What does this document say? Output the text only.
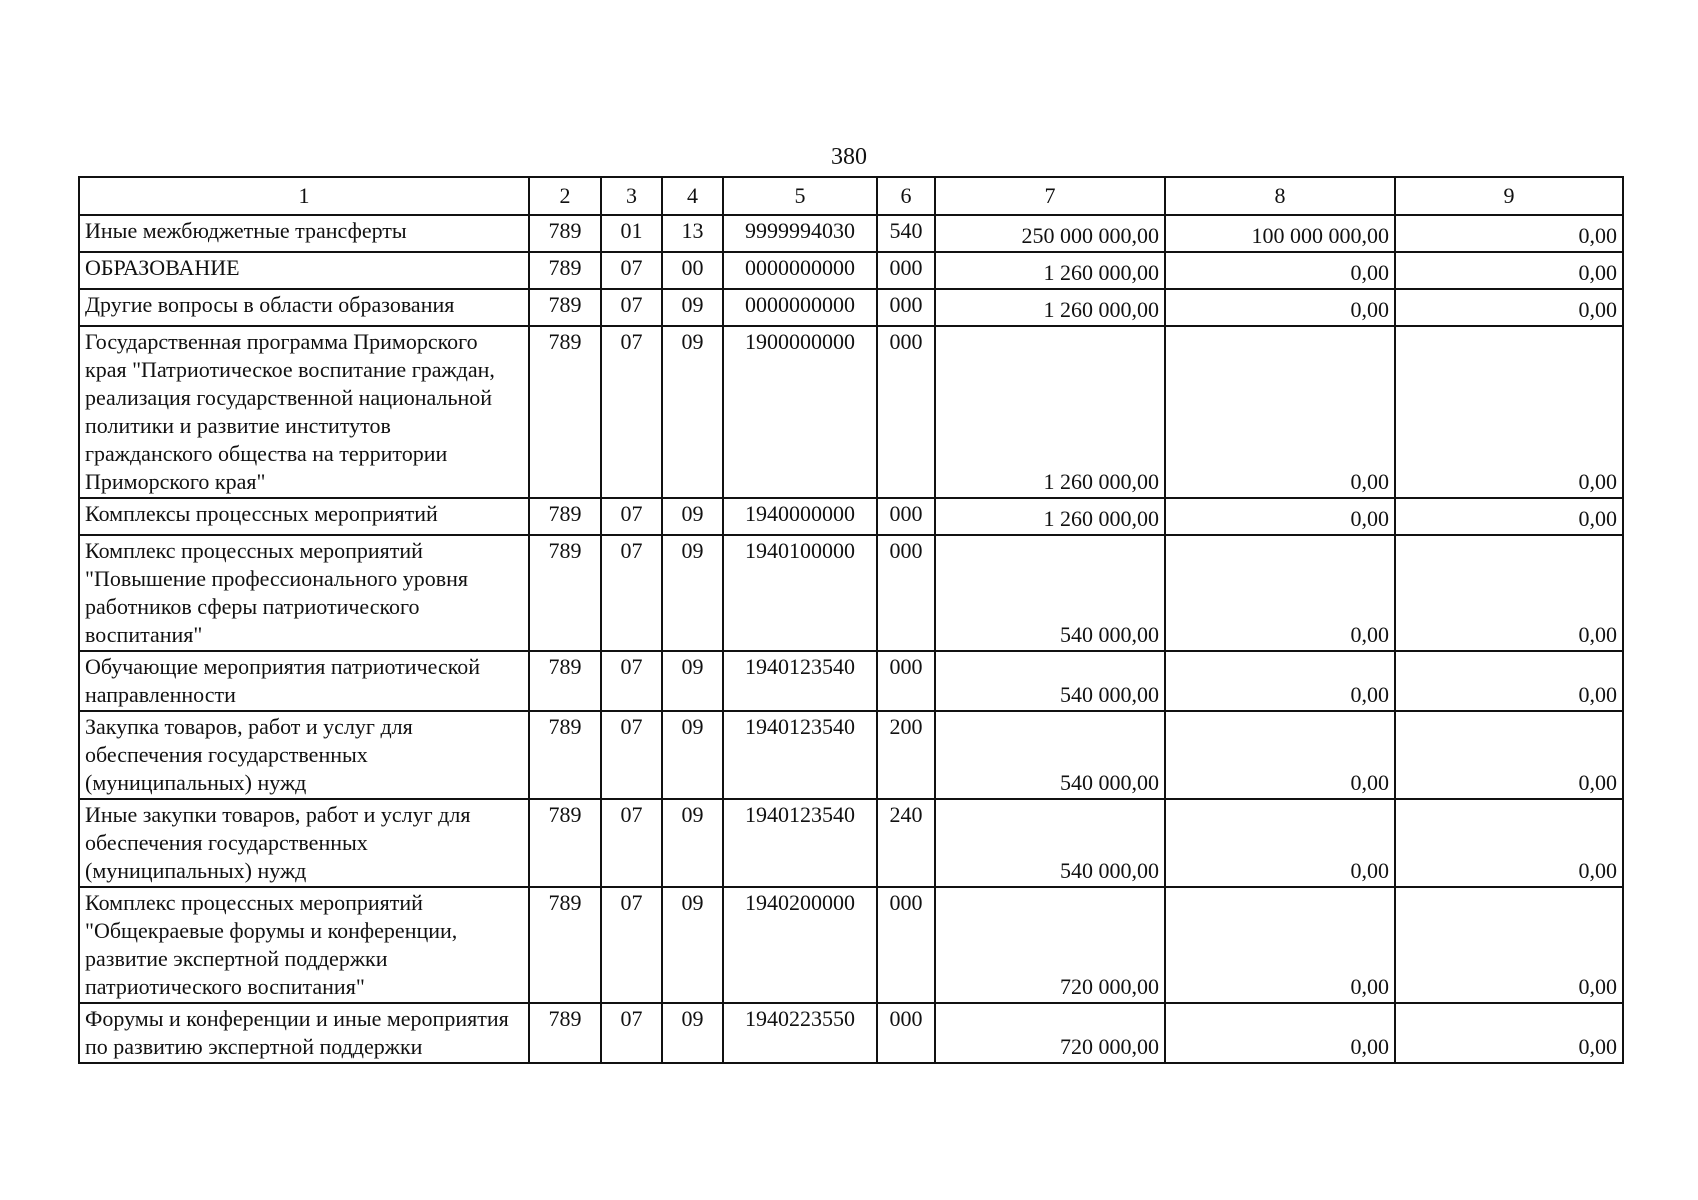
380
1	2	3	4	5	6	7	8	9
Иные межбюджетные трансферты	789	01	13	9999994030	540	250 000 000,00	100 000 000,00	0,00
ОБРАЗОВАНИЕ	789	07	00	0000000000	000	1 260 000,00	0,00	0,00
Другие вопросы в области образования	789	07	09	0000000000	000	1 260 000,00	0,00	0,00
Государственная программа Приморского края "Патриотическое воспитание граждан, реализация государственной национальной политики и развитие институтов гражданского общества на территории Приморского края"	789	07	09	1900000000	000	1 260 000,00	0,00	0,00
Комплексы процессных мероприятий	789	07	09	1940000000	000	1 260 000,00	0,00	0,00
Комплекс процессных мероприятий "Повышение профессионального уровня работников сферы патриотического воспитания"	789	07	09	1940100000	000	540 000,00	0,00	0,00
Обучающие мероприятия патриотической направленности	789	07	09	1940123540	000	540 000,00	0,00	0,00
Закупка товаров, работ и услуг для обеспечения государственных (муниципальных) нужд	789	07	09	1940123540	200	540 000,00	0,00	0,00
Иные закупки товаров, работ и услуг для обеспечения государственных (муниципальных) нужд	789	07	09	1940123540	240	540 000,00	0,00	0,00
Комплекс процессных мероприятий "Общекраевые форумы и конференции, развитие экспертной поддержки патриотического воспитания"	789	07	09	1940200000	000	720 000,00	0,00	0,00
Форумы и конференции и иные мероприятия по развитию экспертной поддержки	789	07	09	1940223550	000	720 000,00	0,00	0,00
